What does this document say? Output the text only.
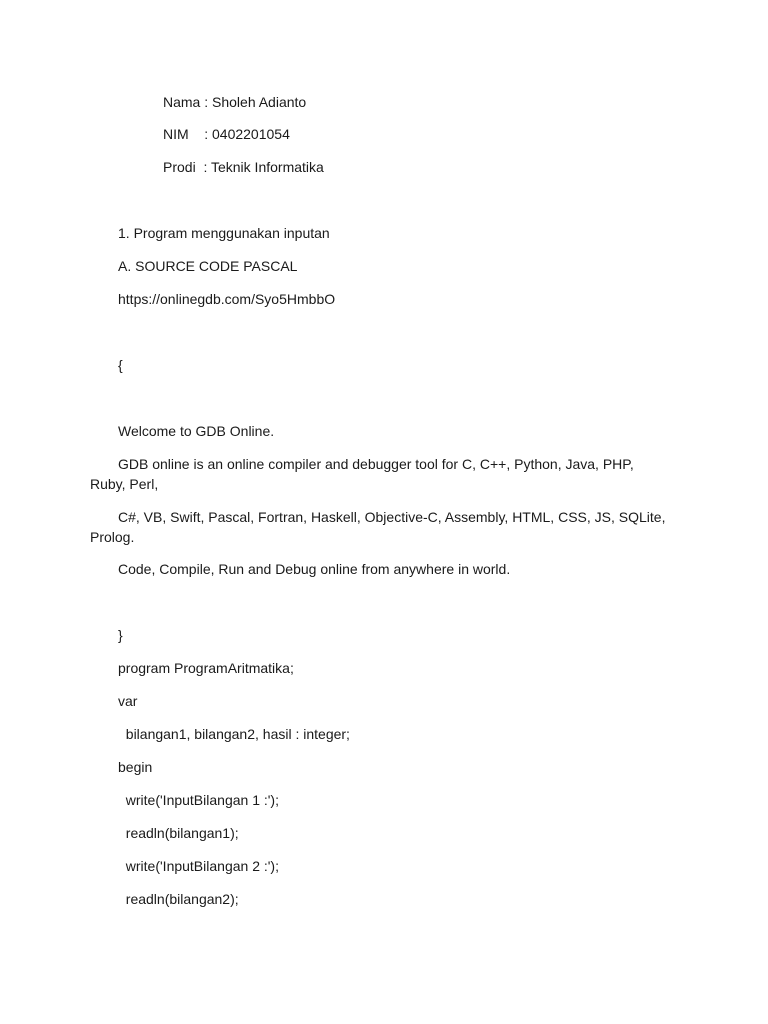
Nama : Sholeh Adianto

NIM    : 0402201054

Prodi  : Teknik Informatika

1. Program menggunakan inputan

A. SOURCE CODE PASCAL

https://onlinegdb.com/Syo5HmbbO

{

Welcome to GDB Online.

GDB online is an online compiler and debugger tool for C, C++, Python, Java, PHP, Ruby, Perl,

C#, VB, Swift, Pascal, Fortran, Haskell, Objective-C, Assembly, HTML, CSS, JS, SQLite, Prolog.

Code, Compile, Run and Debug online from anywhere in world.

}

program ProgramAritmatika;

var

bilangan1, bilangan2, hasil : integer;

begin

write('InputBilangan 1 :');

readln(bilangan1);

write('InputBilangan 2 :');

readln(bilangan2);
